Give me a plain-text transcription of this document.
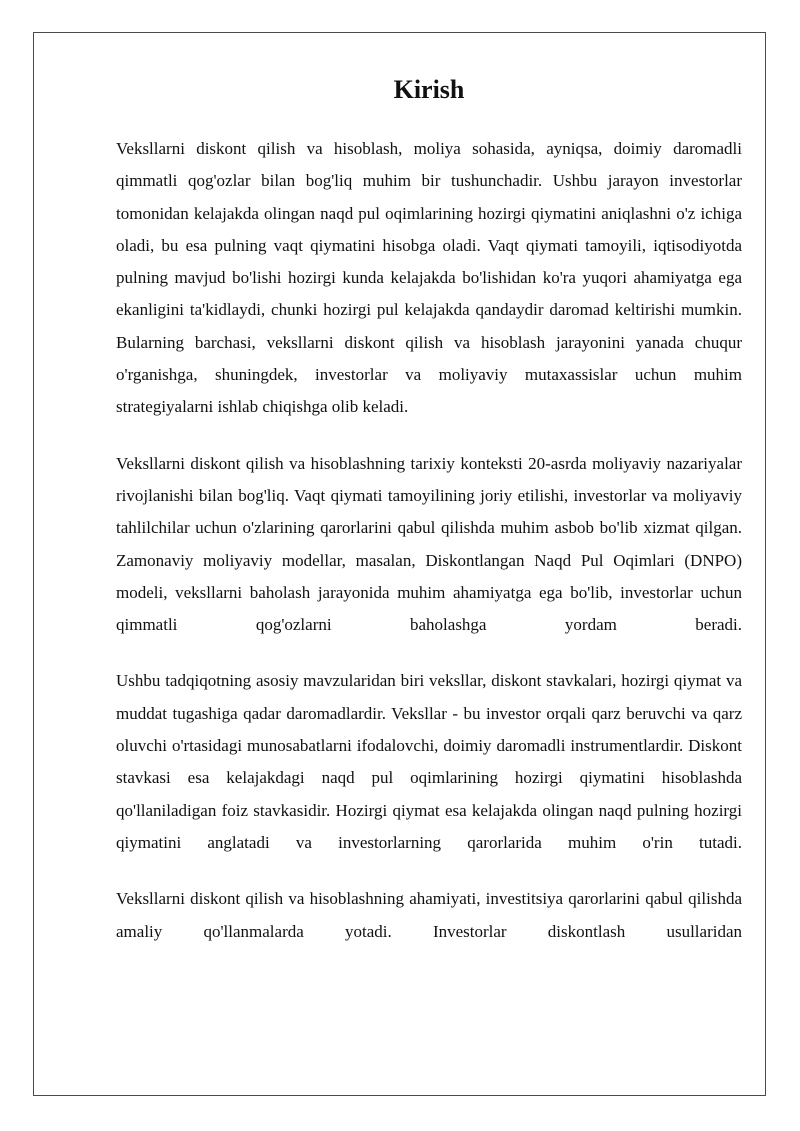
Kirish

Veksllarni diskont qilish va hisoblash, moliya sohasida, ayniqsa, doimiy daromadli qimmatli qog'ozlar bilan bog'liq muhim bir tushunchadir. Ushbu jarayon investorlar tomonidan kelajakda olingan naqd pul oqimlarining hozirgi qiymatini aniqlashni o'z ichiga oladi, bu esa pulning vaqt qiymatini hisobga oladi. Vaqt qiymati tamoyili, iqtisodiyotda pulning mavjud bo'lishi hozirgi kunda kelajakda bo'lishidan ko'ra yuqori ahamiyatga ega ekanligini ta'kidlaydi, chunki hozirgi pul kelajakda qandaydir daromad keltirishi mumkin. Bularning barchasi, veksllarni diskont qilish va hisoblash jarayonini yanada chuqur o'rganishga, shuningdek, investorlar va moliyaviy mutaxassislar uchun muhim strategiyalarni ishlab chiqishga olib keladi.

Veksllarni diskont qilish va hisoblashning tarixiy konteksti 20-asrda moliyaviy nazariyalar rivojlanishi bilan bog'liq. Vaqt qiymati tamoyilining joriy etilishi, investorlar va moliyaviy tahlilchilar uchun o'zlarining qarorlarini qabul qilishda muhim asbob bo'lib xizmat qilgan. Zamonaviy moliyaviy modellar, masalan, Diskontlangan Naqd Pul Oqimlari (DNPO) modeli, veksllarni baholash jarayonida muhim ahamiyatga ega bo'lib, investorlar uchun qimmatli qog'ozlarni baholashga yordam beradi.

Ushbu tadqiqotning asosiy mavzularidan biri veksllar, diskont stavkalari, hozirgi qiymat va muddat tugashiga qadar daromadlardir. Veksllar - bu investor orqali qarz beruvchi va qarz oluvchi o'rtasidagi munosabatlarni ifodalovchi, doimiy daromadli instrumentlardir. Diskont stavkasi esa kelajakdagi naqd pul oqimlarining hozirgi qiymatini hisoblashda qo'llaniladigan foiz stavkasidir. Hozirgi qiymat esa kelajakda olingan naqd pulning hozirgi qiymatini anglatadi va investorlarning qarorlarida muhim o'rin tutadi.

Veksllarni diskont qilish va hisoblashning ahamiyati, investitsiya qarorlarini qabul qilishda amaliy qo'llanmalarda yotadi. Investorlar diskontlash usullaridan
